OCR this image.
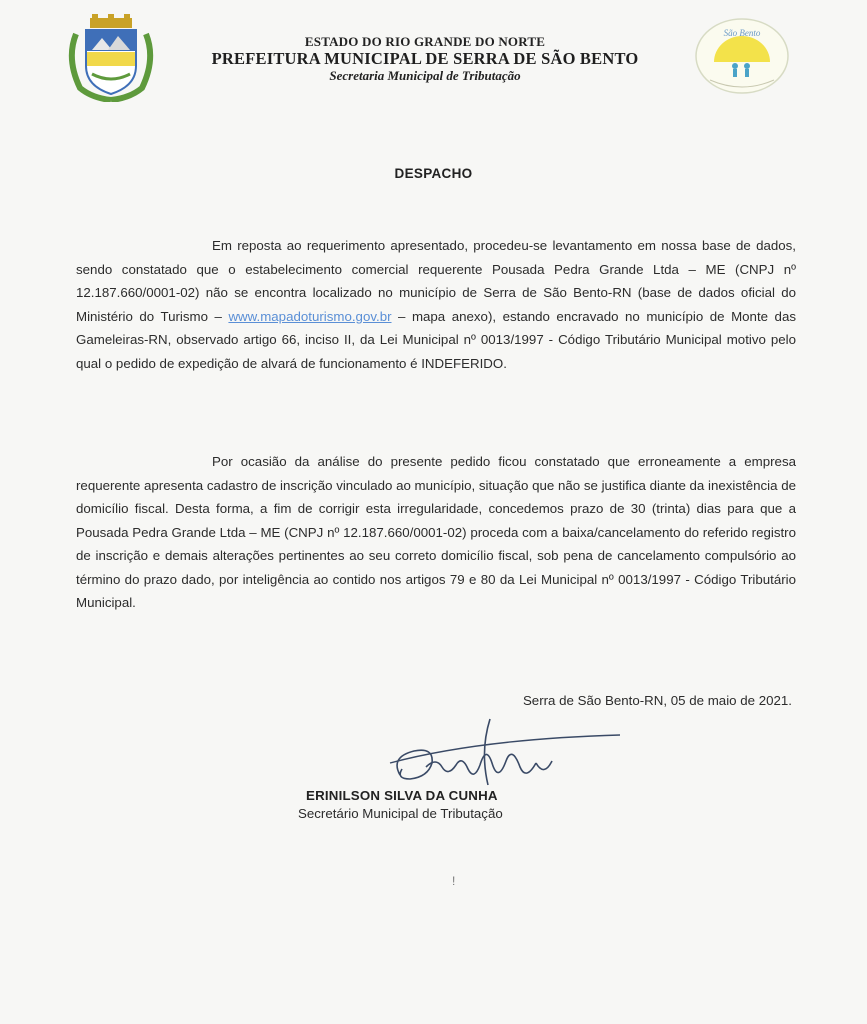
ESTADO DO RIO GRANDE DO NORTE
PREFEITURA MUNICIPAL DE SERRA DE SÃO BENTO
Secretaria Municipal de Tributação
São Bento
DESPACHO
Em reposta ao requerimento apresentado, procedeu-se levantamento em nossa base de dados, sendo constatado que o estabelecimento comercial requerente Pousada Pedra Grande Ltda – ME (CNPJ nº 12.187.660/0001-02) não se encontra localizado no município de Serra de São Bento-RN (base de dados oficial do Ministério do Turismo – www.mapadoturismo.gov.br – mapa anexo), estando encravado no município de Monte das Gameleiras-RN, observado artigo 66, inciso II, da Lei Municipal nº 0013/1997 - Código Tributário Municipal motivo pelo qual o pedido de expedição de alvará de funcionamento é INDEFERIDO.
Por ocasião da análise do presente pedido ficou constatado que erroneamente a empresa requerente apresenta cadastro de inscrição vinculado ao município, situação que não se justifica diante da inexistência de domicílio fiscal. Desta forma, a fim de corrigir esta irregularidade, concedemos prazo de 30 (trinta) dias para que a Pousada Pedra Grande Ltda – ME (CNPJ nº 12.187.660/0001-02) proceda com a baixa/cancelamento do referido registro de inscrição e demais alterações pertinentes ao seu correto domicílio fiscal, sob pena de cancelamento compulsório ao término do prazo dado, por inteligência ao contido nos artigos 79 e 80 da Lei Municipal nº 0013/1997 - Código Tributário Municipal.
Serra de São Bento-RN, 05 de maio de 2021.
ERINILSON SILVA DA CUNHA
Secretário Municipal de Tributação
!
